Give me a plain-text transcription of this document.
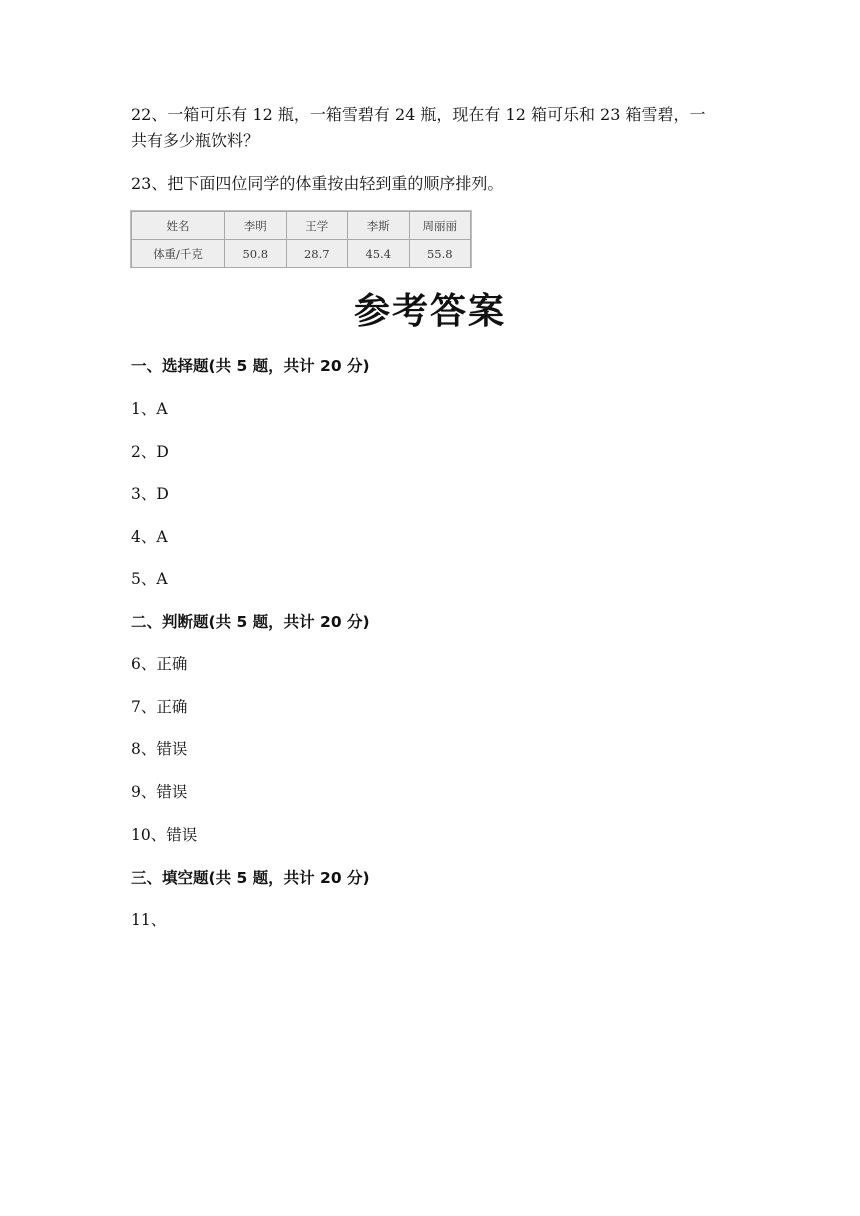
22、一箱可乐有 12 瓶，一箱雪碧有 24 瓶，现在有 12 箱可乐和 23 箱雪碧，一
共有多少瓶饮料？
23、把下面四位同学的体重按由轻到重的顺序排列。
姓名	李明	王学	李斯	周丽丽
体重/千克	50.8	28.7	45.4	55.8
参考答案
一、选择题(共 5 题，共计 20 分)
1、A
2、D
3、D
4、A
5、A
二、判断题(共 5 题，共计 20 分)
6、正确
7、正确
8、错误
9、错误
10、错误
三、填空题(共 5 题，共计 20 分)
11、
